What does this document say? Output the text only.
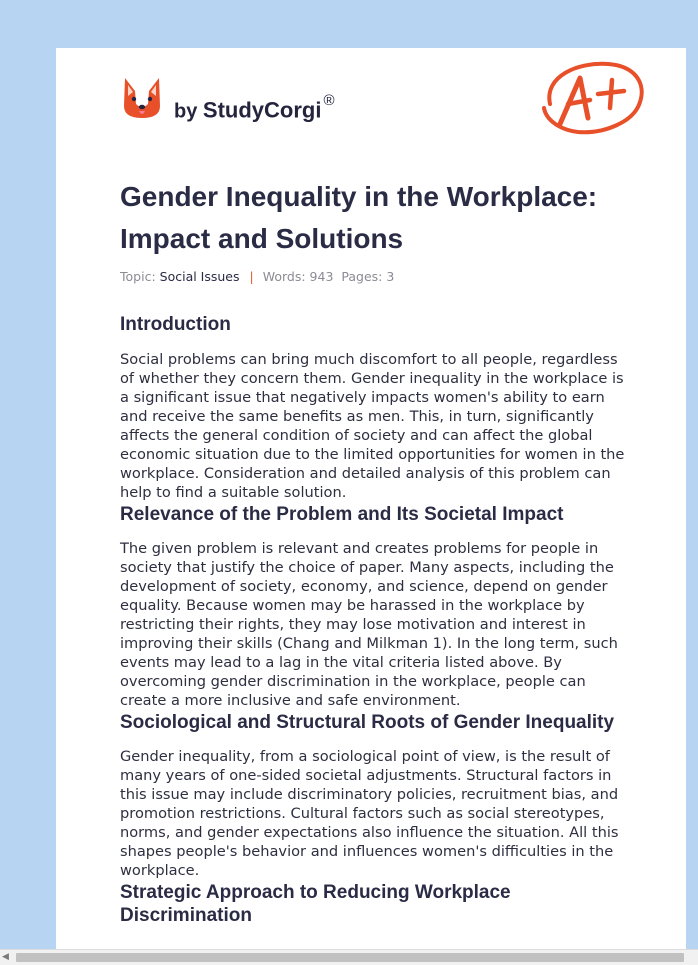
by StudyCorgi ®
Gender Inequality in the Workplace: Impact and Solutions
Topic: Social Issues | Words: 943 Pages: 3
Introduction

Social problems can bring much discomfort to all people, regardless of whether they concern them. Gender inequality in the workplace is a significant issue that negatively impacts women's ability to earn and receive the same benefits as men. This, in turn, significantly affects the general condition of society and can affect the global economic situation due to the limited opportunities for women in the workplace. Consideration and detailed analysis of this problem can help to find a suitable solution.

Relevance of the Problem and Its Societal Impact

The given problem is relevant and creates problems for people in society that justify the choice of paper. Many aspects, including the development of society, economy, and science, depend on gender equality. Because women may be harassed in the workplace by restricting their rights, they may lose motivation and interest in improving their skills (Chang and Milkman 1). In the long term, such events may lead to a lag in the vital criteria listed above. By overcoming gender discrimination in the workplace, people can create a more inclusive and safe environment.

Sociological and Structural Roots of Gender Inequality

Gender inequality, from a sociological point of view, is the result of many years of one-sided societal adjustments. Structural factors in this issue may include discriminatory policies, recruitment bias, and promotion restrictions. Cultural factors such as social stereotypes, norms, and gender expectations also influence the situation. All this shapes people's behavior and influences women's difficulties in the workplace.

Strategic Approach to Reducing Workplace Discrimination
◀
